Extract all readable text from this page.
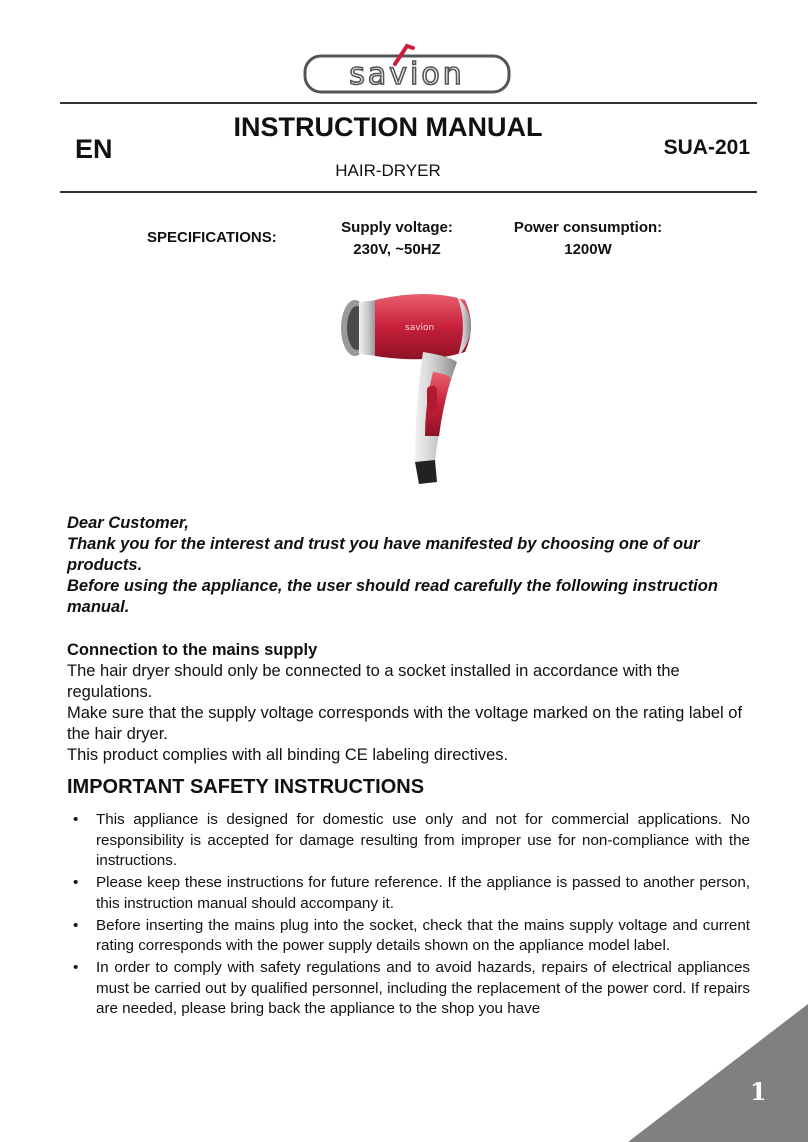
savion
EN
INSTRUCTION MANUAL
HAIR-DRYER
SUA-201
SPECIFICATIONS:
Supply voltage:
230V, ~50HZ
Power consumption:
1200W
savion
Dear Customer,
Thank you for the interest and trust you have manifested by choosing one of our products.
Before using the appliance, the user should read carefully the following instruction manual.
Connection to the mains supply
The hair dryer should only be connected to a socket installed in accordance with the regulations.
Make sure that the supply voltage corresponds with the voltage marked on the rating label of the hair dryer.
This product complies with all binding CE labeling directives.
IMPORTANT SAFETY INSTRUCTIONS
• This appliance is designed for domestic use only and not for commercial applications. No responsibility is accepted for damage resulting from improper use for non-compliance with the instructions.
• Please keep these instructions for future reference. If the appliance is passed to another person, this instruction manual should accompany it.
• Before inserting the mains plug into the socket, check that the mains supply voltage and current rating corresponds with the power supply details shown on the appliance model label.
• In order to comply with safety regulations and to avoid hazards, repairs of electrical appliances must be carried out by qualified personnel, including the replacement of the power cord. If repairs are needed, please bring back the appliance to the shop you have
1
